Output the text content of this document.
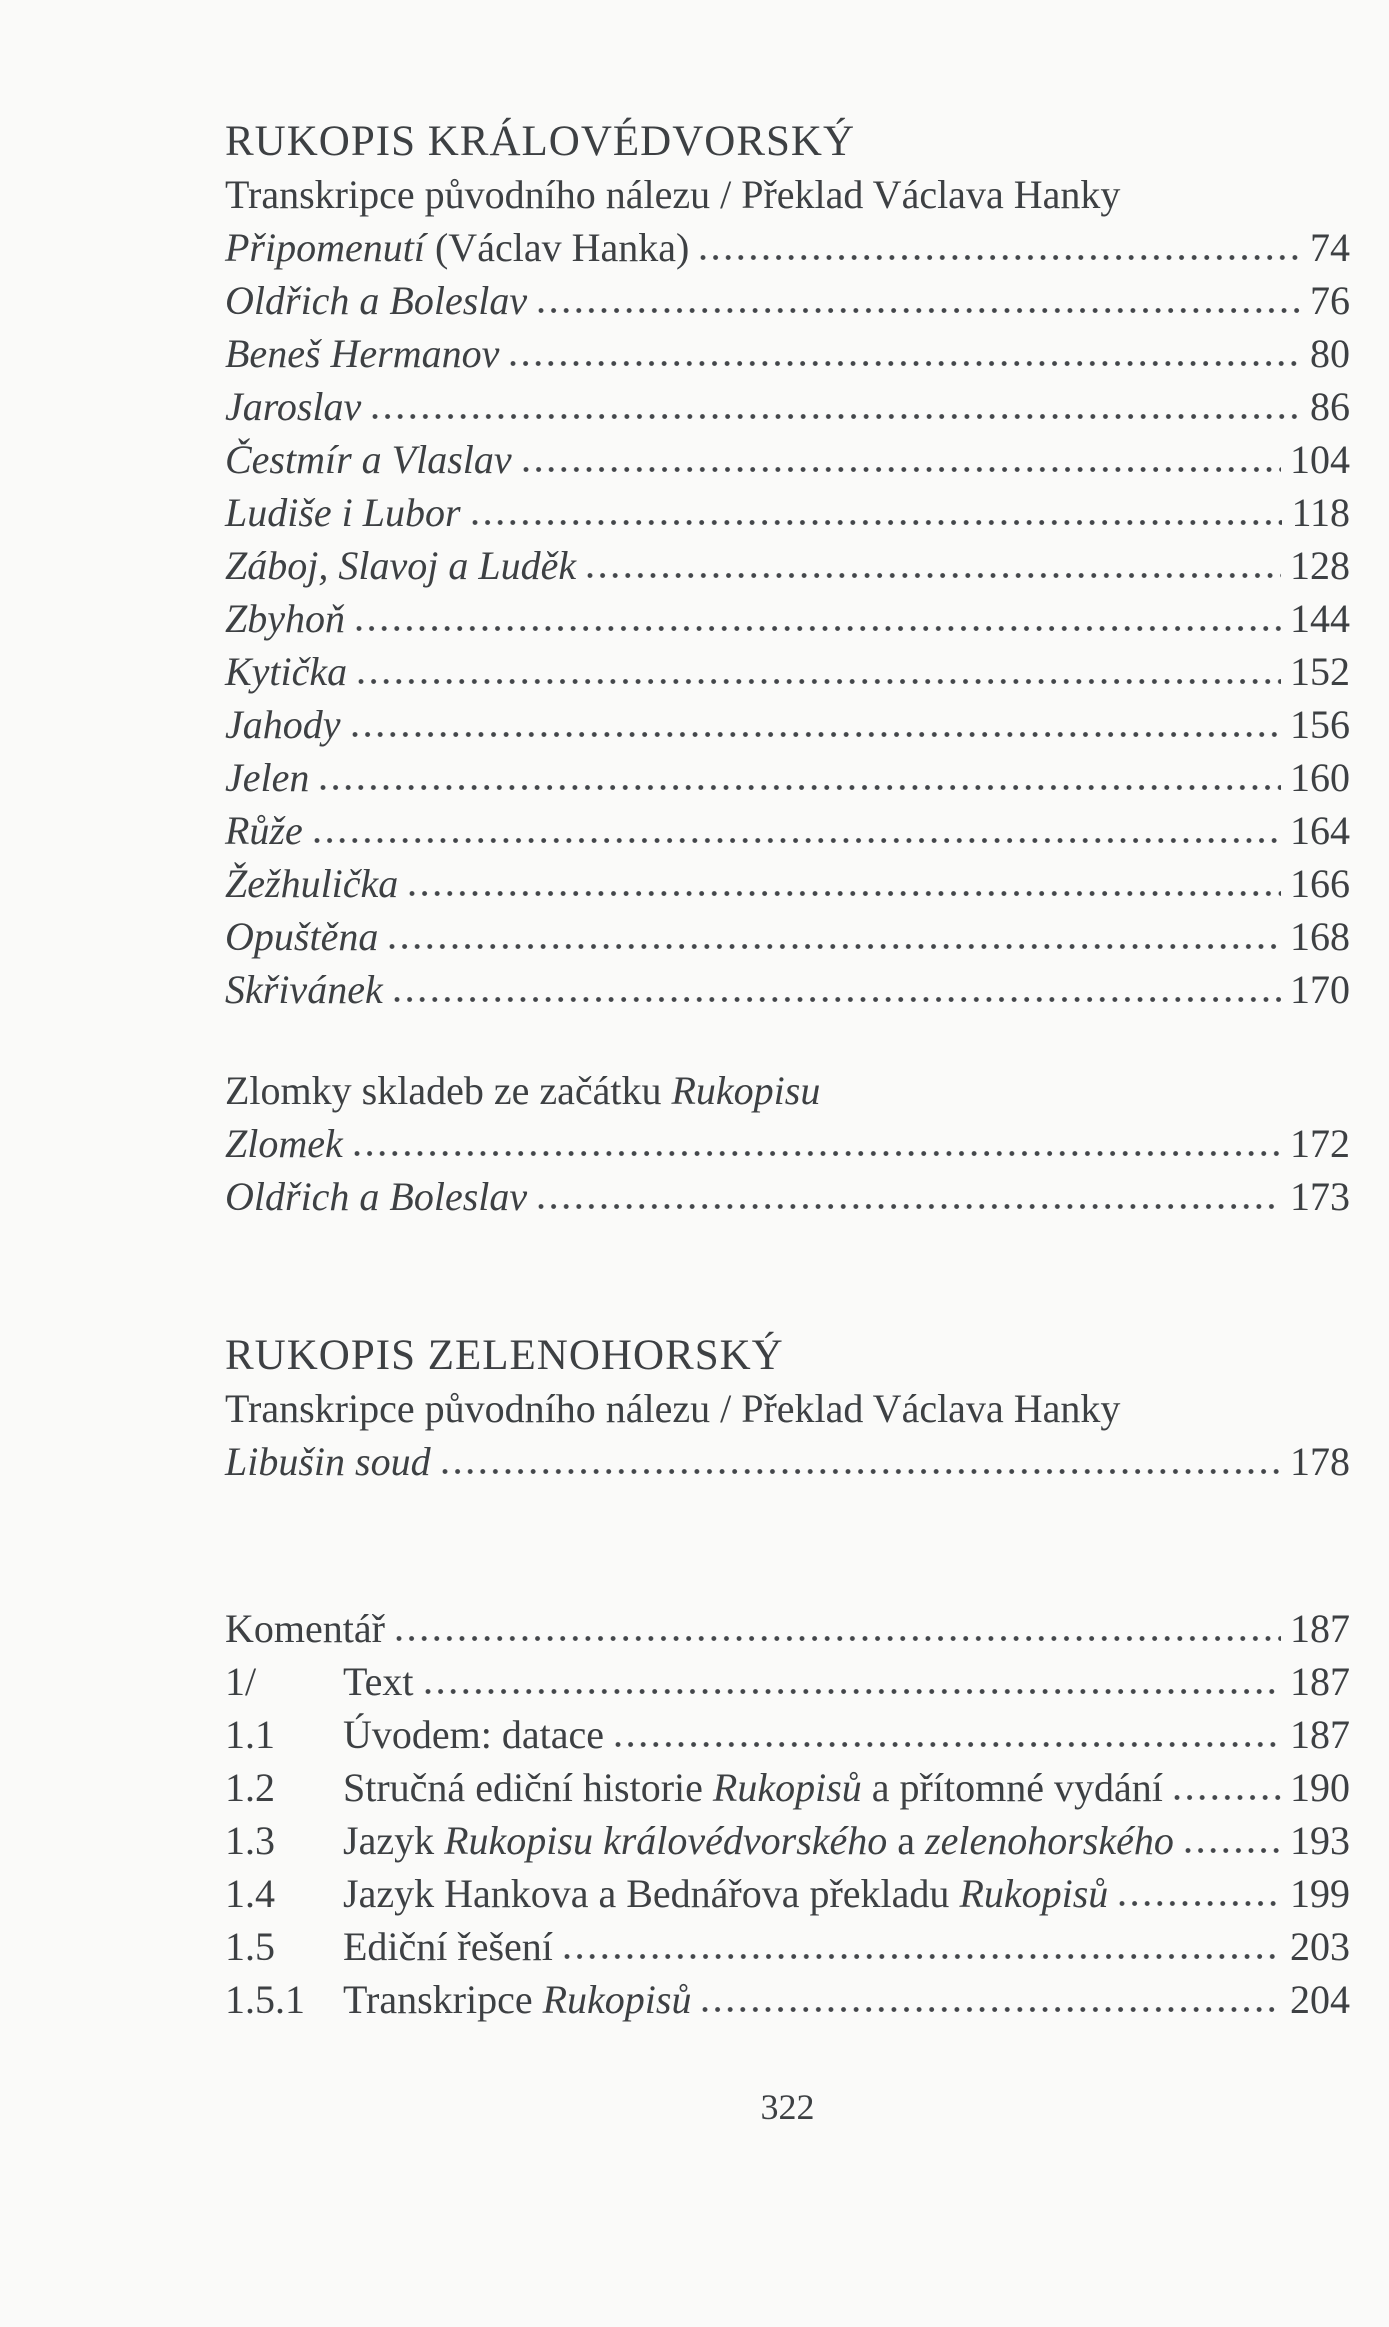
RUKOPIS KRÁLOVÉDVORSKÝ
Transkripce původního nálezu / Překlad Václava Hanky
Připomenutí (Václav Hanka)	74
Oldřich a Boleslav	76
Beneš Hermanov	80
Jaroslav	86
Čestmír a Vlaslav	104
Ludiše i Lubor	118
Záboj, Slavoj a Luděk	128
Zbyhoň	144
Kytička	152
Jahody	156
Jelen	160
Růže	164
Žežhulička	166
Opuštěna	168
Skřivánek	170
Zlomky skladeb ze začátku Rukopisu
Zlomek	172
Oldřich a Boleslav	173
RUKOPIS ZELENOHORSKÝ
Transkripce původního nálezu / Překlad Václava Hanky
Libušin soud	178
Komentář	187
1/	Text	187
1.1	Úvodem: datace	187
1.2	Stručná ediční historie Rukopisů a přítomné vydání	190
1.3	Jazyk Rukopisu královédvorského a zelenohorského	193
1.4	Jazyk Hankova a Bednářova překladu Rukopisů	199
1.5	Ediční řešení	203
1.5.1 Transkripce Rukopisů	204
322
